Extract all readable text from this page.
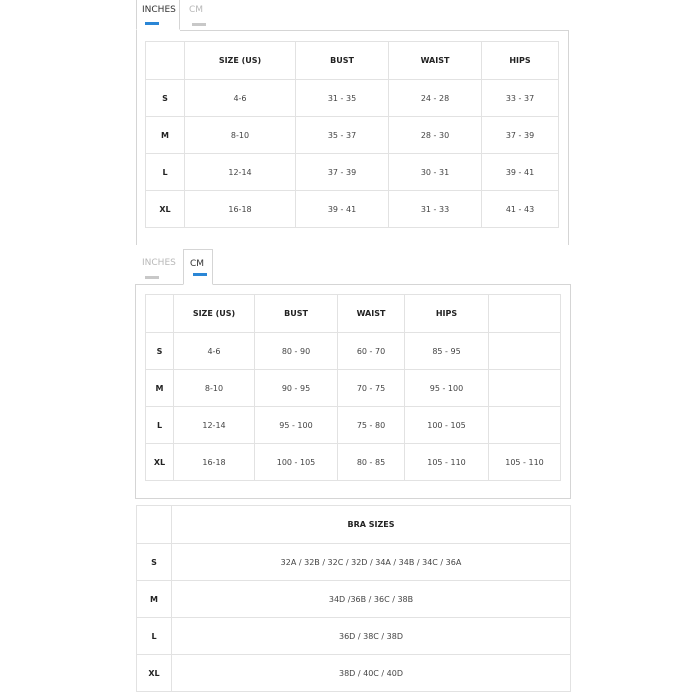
INCHES	CM
	SIZE (US)	BUST	WAIST	HIPS
S	4-6	31 - 35	24 - 28	33 - 37
M	8-10	35 - 37	28 - 30	37 - 39
L	12-14	37 - 39	30 - 31	39 - 41
XL	16-18	39 - 41	31 - 33	41 - 43
INCHES	CM
	SIZE (US)	BUST	WAIST	HIPS	
S	4-6	80 - 90	60 - 70	85 - 95	
M	8-10	90 - 95	70 - 75	95 - 100	
L	12-14	95 - 100	75 - 80	100 - 105	
XL	16-18	100 - 105	80 - 85	105 - 110	105 - 110
	BRA SIZES
S	32A / 32B / 32C / 32D / 34A / 34B / 34C / 36A
M	34D /36B / 36C / 38B
L	36D / 38C / 38D
XL	38D / 40C / 40D
